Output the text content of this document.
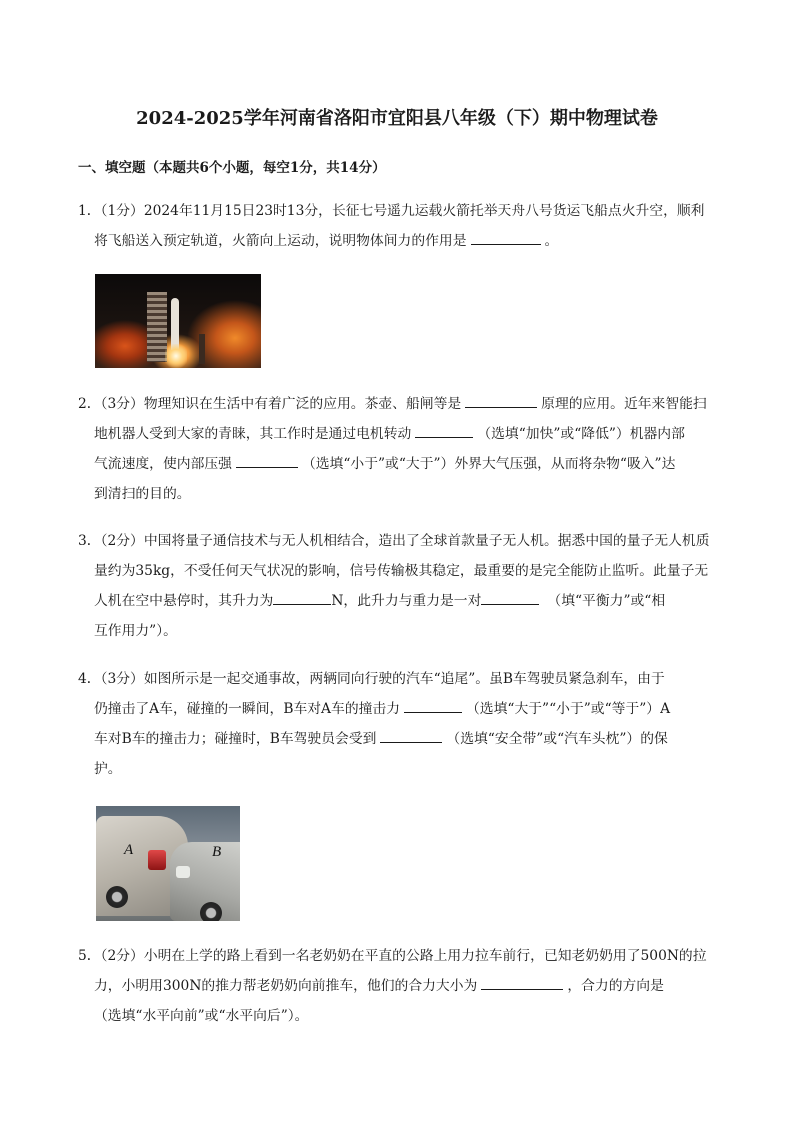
2024-2025学年河南省洛阳市宜阳县八年级（下）期中物理试卷
一、填空题（本题共6个小题，每空1分，共14分）
1．（1分）2024年11月15日23时13分，长征七号遥九运载火箭托举天舟八号货运飞船点火升空，顺利
将飞船送入预定轨道，火箭向上运动，说明物体间力的作用是	。
2．（3分）物理知识在生活中有着广泛的应用。茶壶、船闸等是	原理的应用。近年来智能扫
地机器人受到大家的青睐，其工作时是通过电机转动	（选填“加快”或“降低”）机器内部
气流速度，使内部压强	（选填“小于”或“大于”）外界大气压强，从而将杂物“吸入”达
到清扫的目的。
3．（2分）中国将量子通信技术与无人机相结合，造出了全球首款量子无人机。据悉中国的量子无人机质
量约为35kg，不受任何天气状况的影响，信号传输极其稳定，最重要的是完全能防止监听。此量子无
人机在空中悬停时，其升力为	N，此升力与重力是一对	（填“平衡力”或“相
互作用力”）。
4．（3分）如图所示是一起交通事故，两辆同向行驶的汽车“追尾”。虽B车驾驶员紧急刹车，由于
仍撞击了A车，碰撞的一瞬间，B车对A车的撞击力	（选填“大于”“小于”或“等于”）A
车对B车的撞击力；碰撞时，B车驾驶员会受到	（选填“安全带”或“汽车头枕”）的保
护。
A	B
5．（2分）小明在上学的路上看到一名老奶奶在平直的公路上用力拉车前行，已知老奶奶用了500N的拉
力，小明用300N的推力帮老奶奶向前推车，他们的合力大小为	，合力的方向是
（选填“水平向前”或“水平向后”）。
